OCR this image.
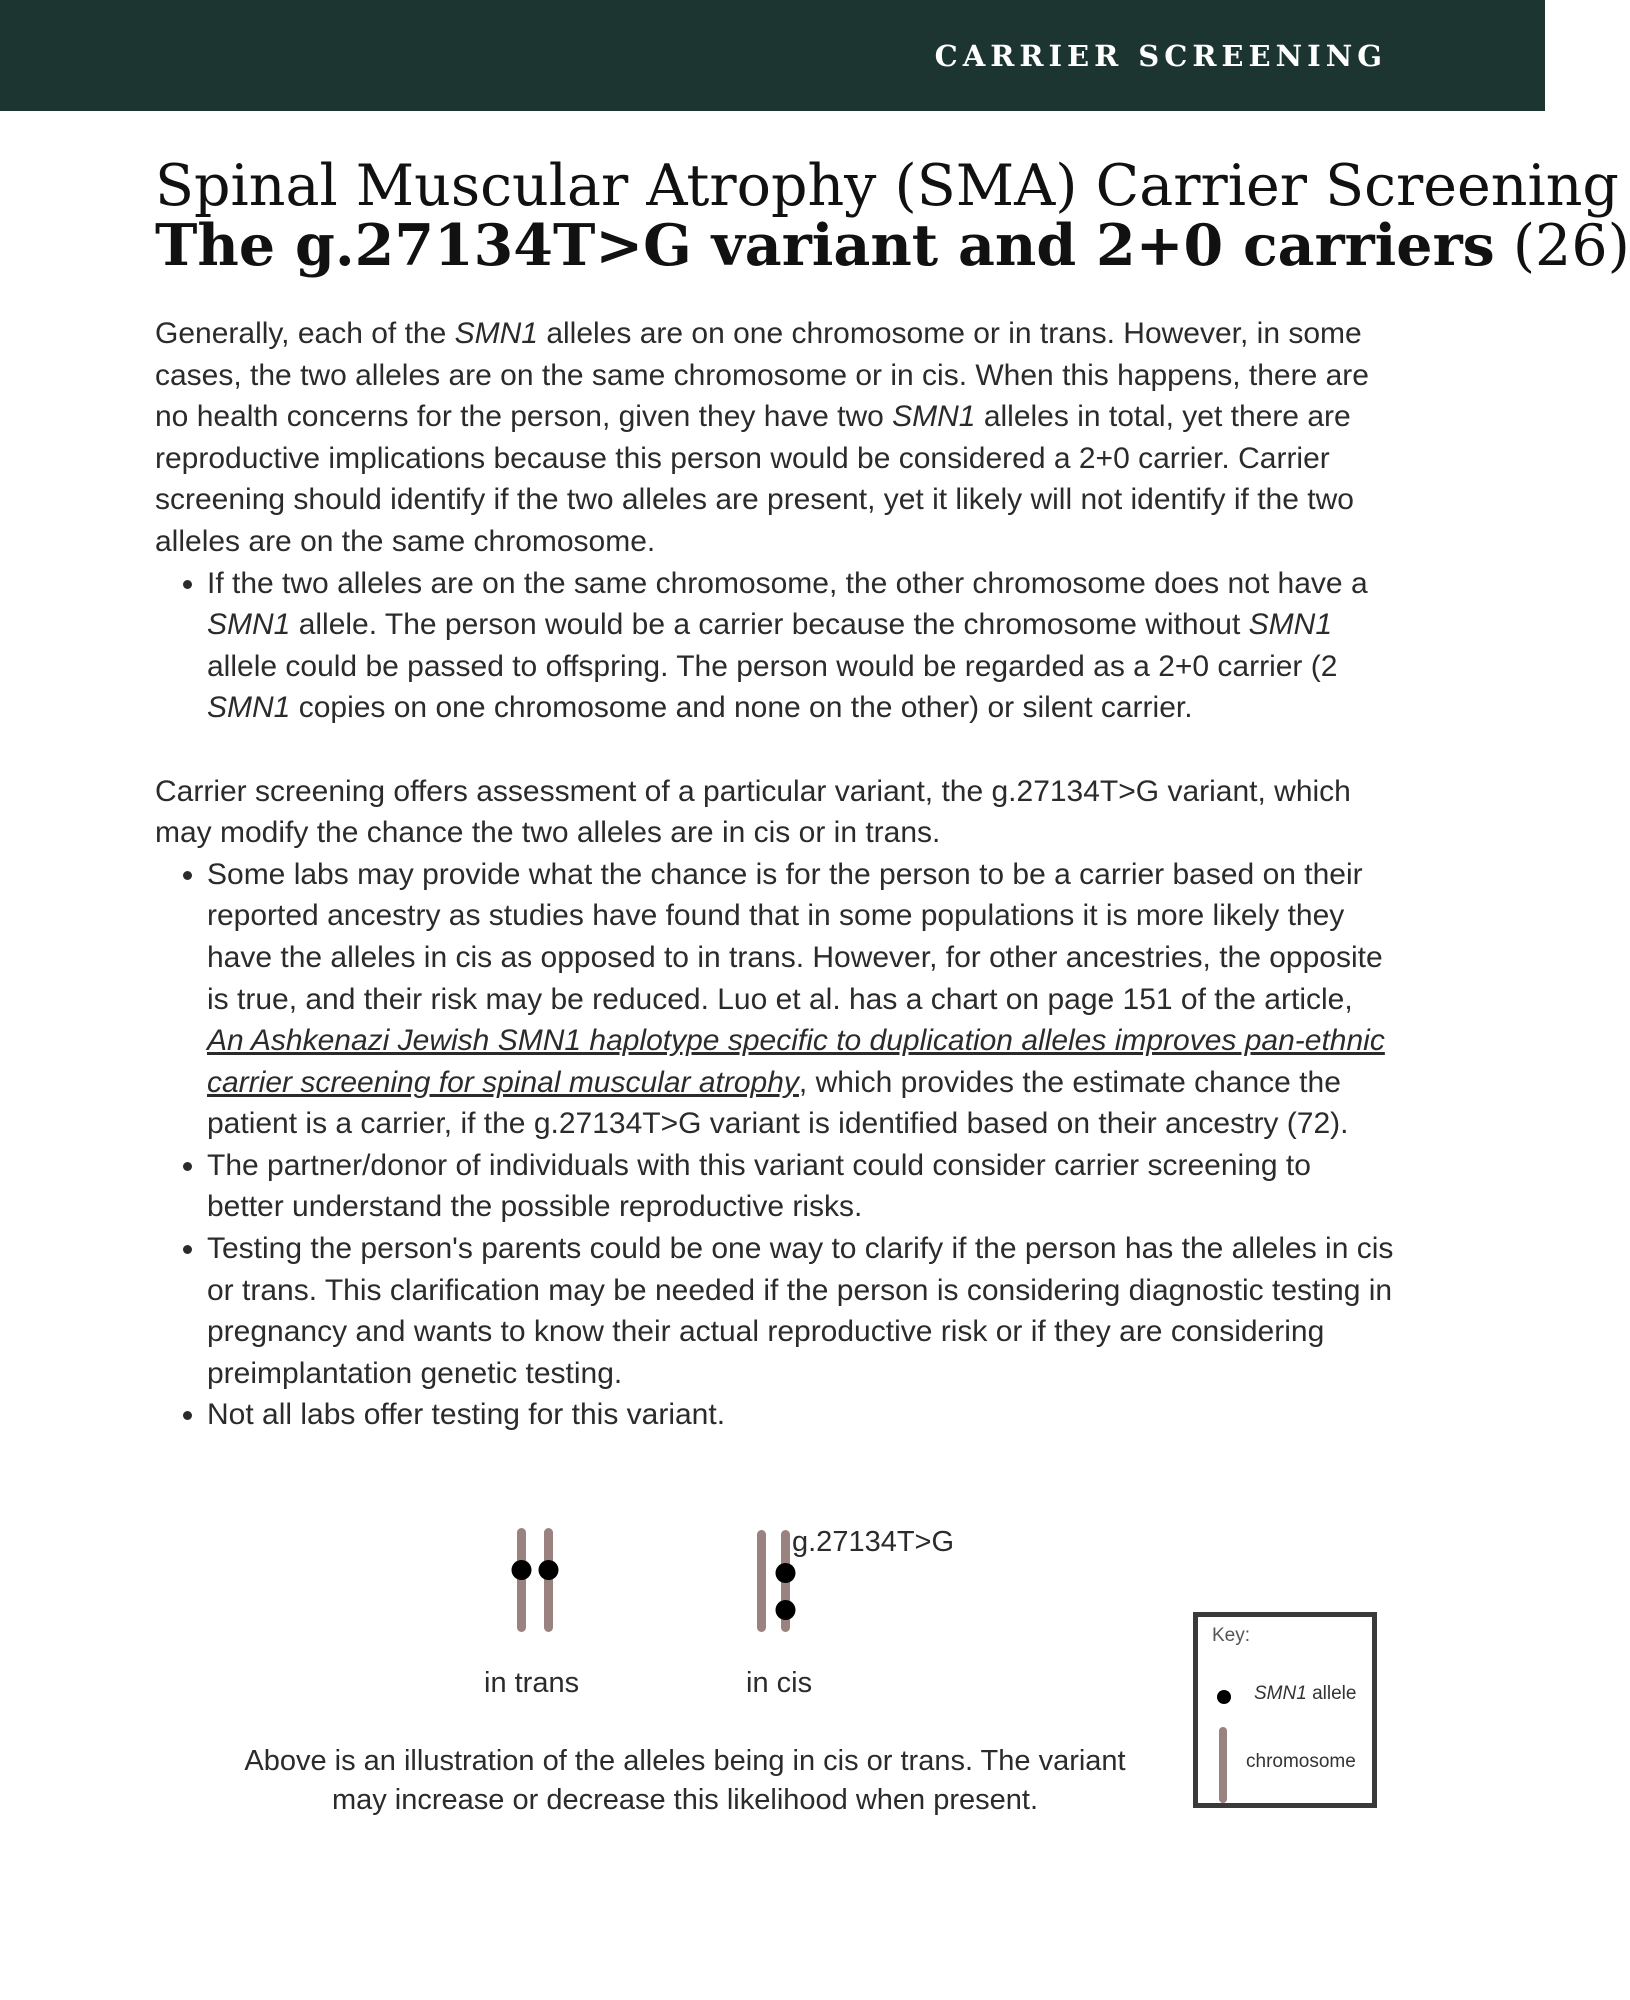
CARRIER SCREENING
Spinal Muscular Atrophy (SMA) Carrier Screening
The g.27134T>G variant and 2+0 carriers (26)

Generally, each of the SMN1 alleles are on one chromosome or in trans. However, in some cases, the two alleles are on the same chromosome or in cis. When this happens, there are no health concerns for the person, given they have two SMN1 alleles in total, yet there are reproductive implications because this person would be considered a 2+0 carrier. Carrier screening should identify if the two alleles are present, yet it likely will not identify if the two alleles are on the same chromosome.

• If the two alleles are on the same chromosome, the other chromosome does not have a SMN1 allele. The person would be a carrier because the chromosome without SMN1 allele could be passed to offspring. The person would be regarded as a 2+0 carrier (2 SMN1 copies on one chromosome and none on the other) or silent carrier.

Carrier screening offers assessment of a particular variant, the g.27134T>G variant, which may modify the chance the two alleles are in cis or in trans.

• Some labs may provide what the chance is for the person to be a carrier based on their reported ancestry as studies have found that in some populations it is more likely they have the alleles in cis as opposed to in trans. However, for other ancestries, the opposite is true, and their risk may be reduced. Luo et al. has a chart on page 151 of the article, An Ashkenazi Jewish SMN1 haplotype specific to duplication alleles improves pan-ethnic carrier screening for spinal muscular atrophy, which provides the estimate chance the patient is a carrier, if the g.27134T>G variant is identified based on their ancestry (72).
• The partner/donor of individuals with this variant could consider carrier screening to better understand the possible reproductive risks.
• Testing the person's parents could be one way to clarify if the person has the alleles in cis or trans. This clarification may be needed if the person is considering diagnostic testing in pregnancy and wants to know their actual reproductive risk or if they are considering preimplantation genetic testing.
• Not all labs offer testing for this variant.
g.27134T>G
in trans	in cis
Above is an illustration of the alleles being in cis or trans. The variant may increase or decrease this likelihood when present.
Key:
SMN1 allele
chromosome
